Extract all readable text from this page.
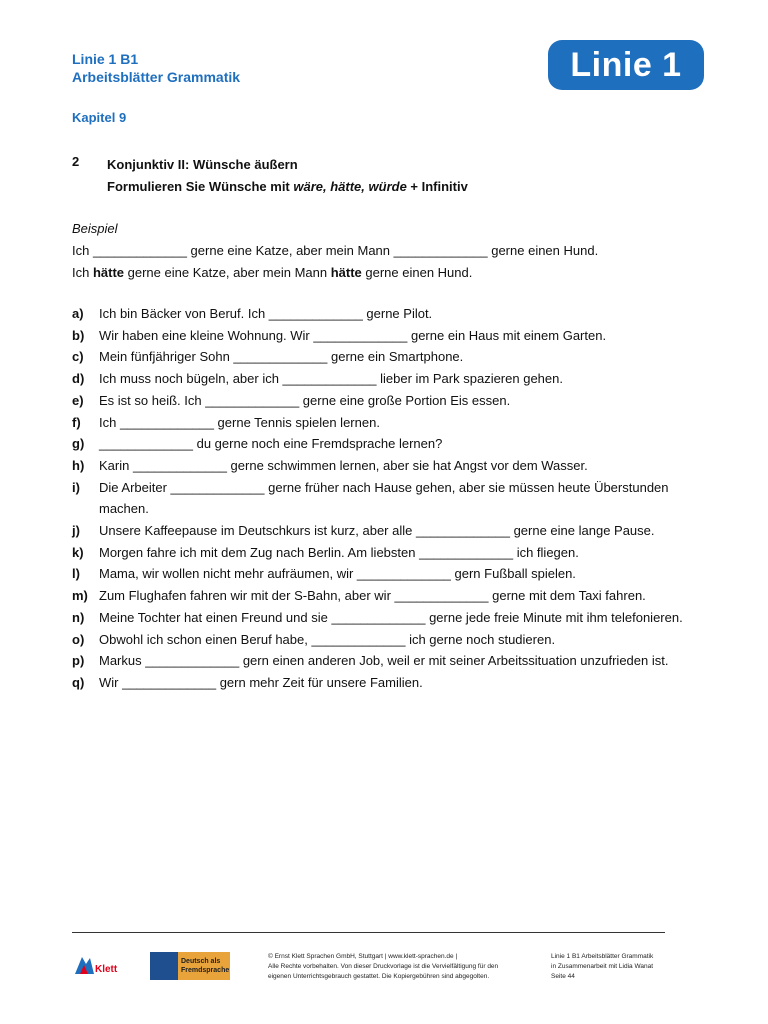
Linie 1 B1
Arbeitsblätter Grammatik	Linie 1
Kapitel 9
2 Konjunktiv II: Wünsche äußern
Formulieren Sie Wünsche mit wäre, hätte, würde + Infinitiv
Beispiel
Ich _____________ gerne eine Katze, aber mein Mann _____________ gerne einen Hund.
Ich hätte gerne eine Katze, aber mein Mann hätte gerne einen Hund.
a)	Ich bin Bäcker von Beruf. Ich _____________ gerne Pilot.
b)	Wir haben eine kleine Wohnung. Wir _____________ gerne ein Haus mit einem Garten.
c)	Mein fünfjähriger Sohn _____________ gerne ein Smartphone.
d)	Ich muss noch bügeln, aber ich _____________ lieber im Park spazieren gehen.
e)	Es ist so heiß. Ich _____________ gerne eine große Portion Eis essen.
f)	Ich _____________ gerne Tennis spielen lernen.
g)	_____________ du gerne noch eine Fremdsprache lernen?
h)	Karin _____________ gerne schwimmen lernen, aber sie hat Angst vor dem Wasser.
i)	Die Arbeiter _____________ gerne früher nach Hause gehen, aber sie müssen heute Überstunden machen.
j)	Unsere Kaffeepause im Deutschkurs ist kurz, aber alle _____________ gerne eine lange Pause.
k)	Morgen fahre ich mit dem Zug nach Berlin. Am liebsten _____________ ich fliegen.
l)	Mama, wir wollen nicht mehr aufräumen, wir _____________ gern Fußball spielen.
m) Zum Flughafen fahren wir mit der S-Bahn, aber wir _____________ gerne mit dem Taxi fahren.
n)	Meine Tochter hat einen Freund und sie _____________ gerne jede freie Minute mit ihm telefonieren.
o)	Obwohl ich schon einen Beruf habe, _____________ ich gerne noch studieren.
p)	Markus _____________ gern einen anderen Job, weil er mit seiner Arbeitssituation unzufrieden ist.
q)	Wir _____________ gern mehr Zeit für unsere Familien.
Klett
Deutsch als Fremdsprache
© Ernst Klett Sprachen GmbH, Stuttgart | www.klett-sprachen.de |
Alle Rechte vorbehalten. Von dieser Druckvorlage ist die Vervielfältigung für den
eigenen Unterrichtsgebrauch gestattet. Die Kopiergebühren sind abgegolten.
Linie 1 B1 Arbeitsblätter Grammatik
in Zusammenarbeit mit Lidia Wanat
Seite 44
